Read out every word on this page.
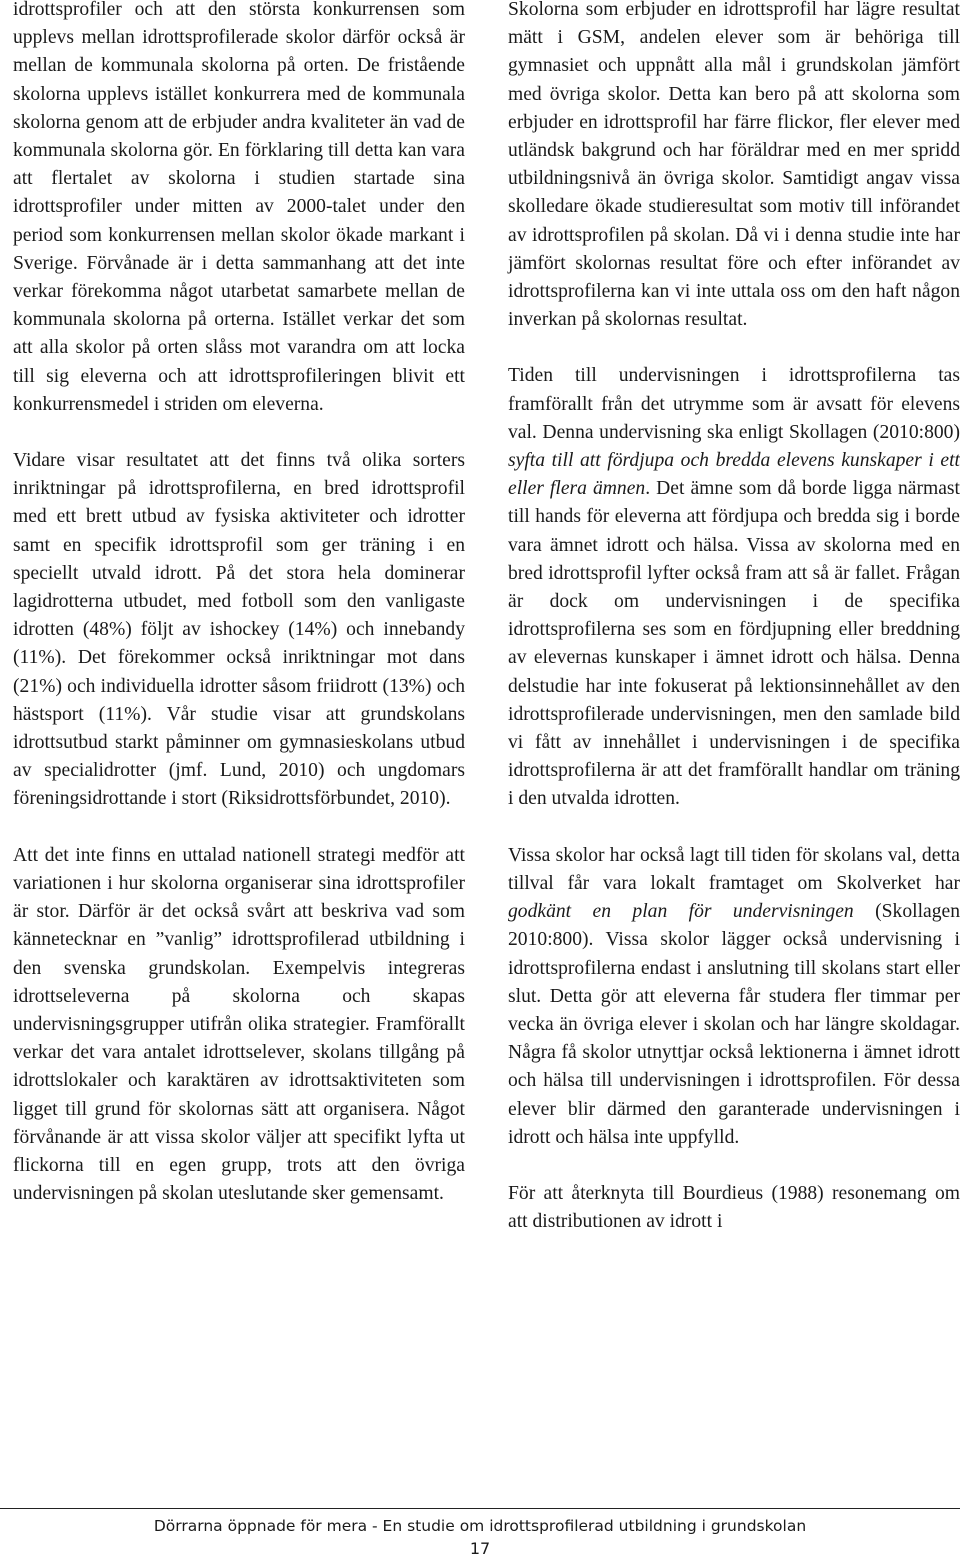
idrottsprofiler och att den största konkurrensen som upplevs mellan idrottsprofilerade skolor därför också är mellan de kommunala skolorna på orten. De fristående skolorna upplevs istället konkurrera med de kommunala skolorna genom att de erbjuder andra kvaliteter än vad de kommunala skolorna gör. En förklaring till detta kan vara att flertalet av skolorna i studien startade sina idrottsprofiler under mitten av 2000-talet under den period som konkurrensen mellan skolor ökade markant i Sverige. Förvånade är i detta sammanhang att det inte verkar förekomma något utarbetat samarbete mellan de kommunala skolorna på orterna. Istället verkar det som att alla skolor på orten slåss mot varandra om att locka till sig eleverna och att idrottsprofileringen blivit ett konkurrensmedel i striden om eleverna.

Vidare visar resultatet att det finns två olika sorters inriktningar på idrottsprofilerna, en bred idrottsprofil med ett brett utbud av fysiska aktiviteter och idrotter samt en specifik idrottsprofil som ger träning i en speciellt utvald idrott. På det stora hela dominerar lagidrotterna utbudet, med fotboll som den vanligaste idrotten (48%) följt av ishockey (14%) och innebandy (11%). Det förekommer också inriktningar mot dans (21%) och individuella idrotter såsom friidrott (13%) och hästsport (11%). Vår studie visar att grundskolans idrottsutbud starkt påminner om gymnasieskolans utbud av specialidrotter (jmf. Lund, 2010) och ungdomars föreningsidrottande i stort (Riksidrottsförbundet, 2010).

Att det inte finns en uttalad nationell strategi medför att variationen i hur skolorna organiserar sina idrottsprofiler är stor. Därför är det också svårt att beskriva vad som kännetecknar en ”vanlig” idrottsprofilerad utbildning i den svenska grundskolan. Exempelvis integreras idrottseleverna på skolorna och skapas undervisningsgrupper utifrån olika strategier. Framförallt verkar det vara antalet idrottselever, skolans tillgång på idrottslokaler och karaktären av idrottsaktiviteten som ligget till grund för skolornas sätt att organisera. Något förvånande är att vissa skolor väljer att specifikt lyfta ut flickorna till en egen grupp, trots att den övriga undervisningen på skolan uteslutande sker gemensamt.

Skolorna som erbjuder en idrottsprofil har lägre resultat mätt i GSM, andelen elever som är behöriga till gymnasiet och uppnått alla mål i grundskolan jämfört med övriga skolor. Detta kan bero på att skolorna som erbjuder en idrottsprofil har färre flickor, fler elever med utländsk bakgrund och har föräldrar med en mer spridd utbildningsnivå än övriga skolor. Samtidigt angav vissa skolledare ökade studieresultat som motiv till införandet av idrottsprofilen på skolan. Då vi i denna studie inte har jämfört skolornas resultat före och efter införandet av idrottsprofilerna kan vi inte uttala oss om den haft någon inverkan på skolornas resultat.

Tiden till undervisningen i idrottsprofilerna tas framförallt från det utrymme som är avsatt för elevens val. Denna undervisning ska enligt Skollagen (2010:800) syfta till att fördjupa och bredda elevens kunskaper i ett eller flera ämnen. Det ämne som då borde ligga närmast till hands för eleverna att fördjupa och bredda sig i borde vara ämnet idrott och hälsa. Vissa av skolorna med en bred idrottsprofil lyfter också fram att så är fallet. Frågan är dock om undervisningen i de specifika idrottsprofilerna ses som en fördjupning eller breddning av elevernas kunskaper i ämnet idrott och hälsa. Denna delstudie har inte fokuserat på lektionsinnehållet av den idrottsprofilerade undervisningen, men den samlade bild vi fått av innehållet i undervisningen i de specifika idrottsprofilerna är att det framförallt handlar om träning i den utvalda idrotten.

Vissa skolor har också lagt till tiden för skolans val, detta tillval får vara lokalt framtaget om Skolverket har godkänt en plan för undervisningen (Skollagen 2010:800). Vissa skolor lägger också undervisning i idrottsprofilerna endast i anslutning till skolans start eller slut. Detta gör att eleverna får studera fler timmar per vecka än övriga elever i skolan och har längre skoldagar. Några få skolor utnyttjar också lektionerna i ämnet idrott och hälsa till undervisningen i idrottsprofilen. För dessa elever blir därmed den garanterade undervisningen i idrott och hälsa inte uppfylld.

För att återknyta till Bourdieus (1988) resonemang om att distributionen av idrott i

Dörrarna öppnade för mera - En studie om idrottsprofilerad utbildning i grundskolan
17
